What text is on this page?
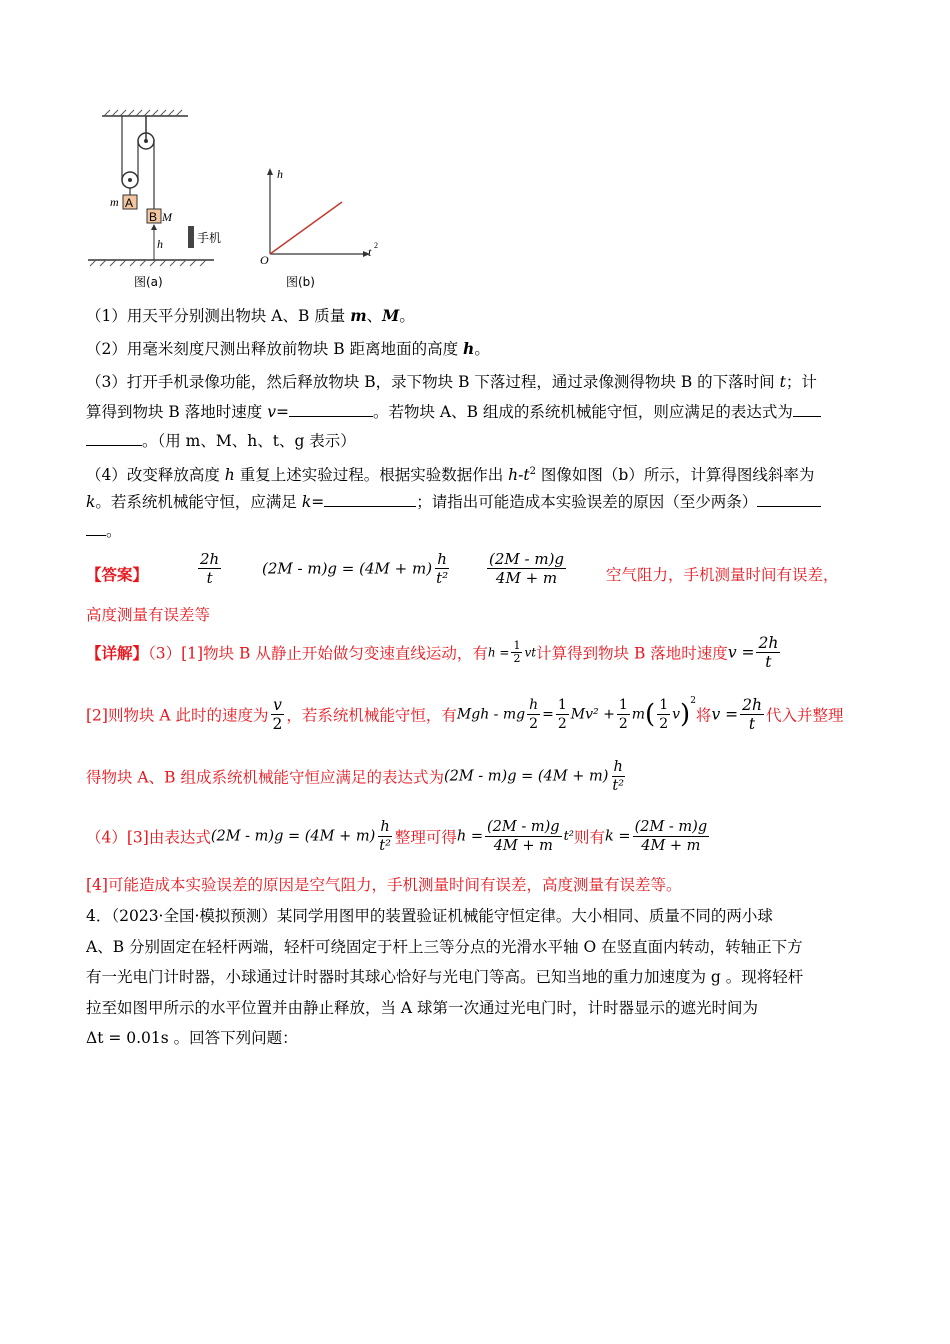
A
m
B M
h	手机
图(a)
h
t 2
O
图(b)
（1）用天平分别测出物块 A、B 质量 m、M。
（2）用毫米刻度尺测出释放前物块 B 距离地面的高度 h。
（3）打开手机录像功能，然后释放物块 B，录下物块 B 下落过程，通过录像测得物块 B 的下落时间 t；计
算得到物块 B 落地时速度 v=	。若物块 A、B 组成的系统机械能守恒，则应满足的表达式为
。（用 m、M、h、t、g 表示）
（4）改变释放高度 h 重复上述实验过程。根据实验数据作出 $h-t^2$ 图像如图（b）所示，计算得图线斜率为
k。若系统机械能守恒，应满足 k=	；请指出可能造成本实验误差的原因（至少两条）
。
【答案】	$\frac{2h}{t}$	$(2M - m)g = (4M + m) \frac{h}{\text{t²}} \frac{(2M - m)g}{4M + m}$	空气阻力，手机测量时间有误差，
高度测量有误差等
【详解】（3）[1]物块 B 从静止开始做匀变速直线运动，有$h = \frac{1}{2}$ vt计算得到物块 B 落地时速度$v = \frac{2h}{t}$
[2]则物块 A 此时的速度为 $\frac{v}{2}$ ，若系统机械能守恒，有Mgh - mg $\frac{h}{2} = \frac{1}{2} Mv^2 + \frac{1}{2} m( \frac{1}{2} v)^2$将$v = \frac{2h}{t}$ 代入并整理
得物块 A、B 组成系统机械能守恒应满足的表达式为$(2M - m)g = (4M + m) \frac{h}{\text{t²}}$
（4）[3]由表达式$(2M - m)g = (4M + m) \frac{h}{\text{t²}}$ 整理可得$h = \frac{(2M - m)g}{4M + m} t^2$则有$k = \frac{(2M - m)g}{4M + m}$
[4]可能造成本实验误差的原因是空气阻力，手机测量时间有误差，高度测量有误差等。
4．（2023·全国·模拟预测）某同学用图甲的装置验证机械能守恒定律。大小相同、质量不同的两小球
A、B 分别固定在轻杆两端，轻杆可绕固定于杆上三等分点的光滑水平轴 O 在竖直面内转动，转轴正下方
有一光电门计时器，小球通过计时器时其球心恰好与光电门等高。已知当地的重力加速度为 g 。现将轻杆
拉至如图甲所示的水平位置并由静止释放，当 A 球第一次通过光电门时，计时器显示的遮光时间为
Δt = 0.01s 。回答下列问题：
